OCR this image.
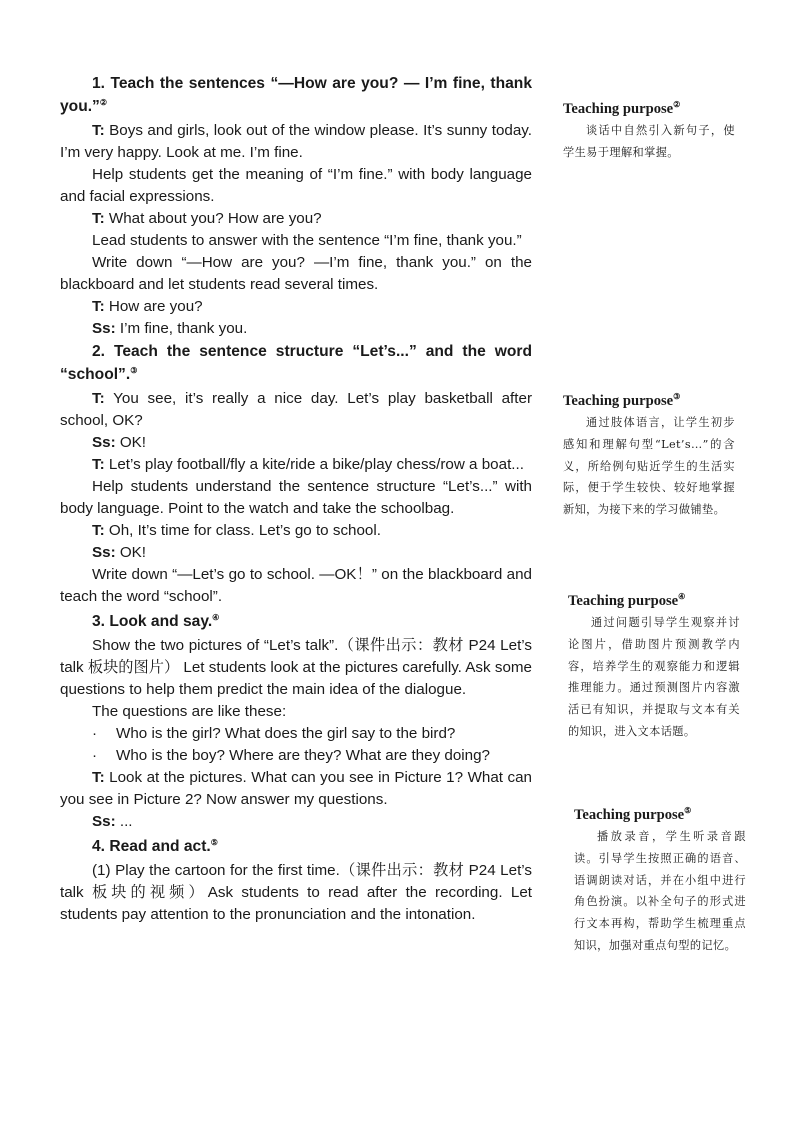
1. Teach the sentences “—How are you? — I’m fine, thank you.”②

T: Boys and girls, look out of the window please. It’s sunny today. I’m very happy. Look at me. I’m fine.

Help students get the meaning of “I’m fine.” with body language and facial expressions.

T: What about you? How are you?

Lead students to answer with the sentence “I’m fine, thank you.”

Write down “—How are you? —I’m fine, thank you.” on the blackboard and let students read several times.

T: How are you?

Ss: I’m fine, thank you.

2. Teach the sentence structure “Let’s...” and the word “school”.③

T: You see, it’s really a nice day. Let’s play basketball after school, OK?

Ss: OK!

T: Let’s play football/fly a kite/ride a bike/play chess/row a boat...

Help students understand the sentence structure “Let’s...” with body language. Point to the watch and take the schoolbag.

T: Oh, It’s time for class. Let’s go to school.

Ss: OK!

Write down “—Let’s go to school. —OK！” on the blackboard and teach the word “school”.

3. Look and say.④

Show the two pictures of “Let’s talk”.（课件出示：教材 P24 Let’s talk 板块的图片） Let students look at the pictures carefully. Ask some questions to help them predict the main idea of the dialogue.

The questions are like these:

· Who is the girl? What does the girl say to the bird?

· Who is the boy? Where are they? What are they doing?

T: Look at the pictures. What can you see in Picture 1? What can you see in Picture 2? Now answer my questions.

Ss: ...

4. Read and act.⑤

(1) Play the cartoon for the first time.（课件出示：教材 P24 Let’s talk 板块的视频）Ask students to read after the recording. Let students pay attention to the pronunciation and the intonation.

Teaching purpose②
谈话中自然引入新句子，使学生易于理解和掌握。
Teaching purpose③
通过肢体语言，让学生初步感知和理解句型“Let’s…”的含义，所给例句贴近学生的生活实际，便于学生较快、较好地掌握新知，为接下来的学习做铺垫。
Teaching purpose④
通过问题引导学生观察并讨论图片，借助图片预测教学内容，培养学生的观察能力和逻辑推理能力。通过预测图片内容激活已有知识，并提取与文本有关的知识，进入文本话题。
Teaching purpose⑤
播放录音，学生听录音跟读。引导学生按照正确的语音、语调朗读对话，并在小组中进行角色扮演。以补全句子的形式进行文本再构，帮助学生梳理重点知识，加强对重点句型的记忆。
